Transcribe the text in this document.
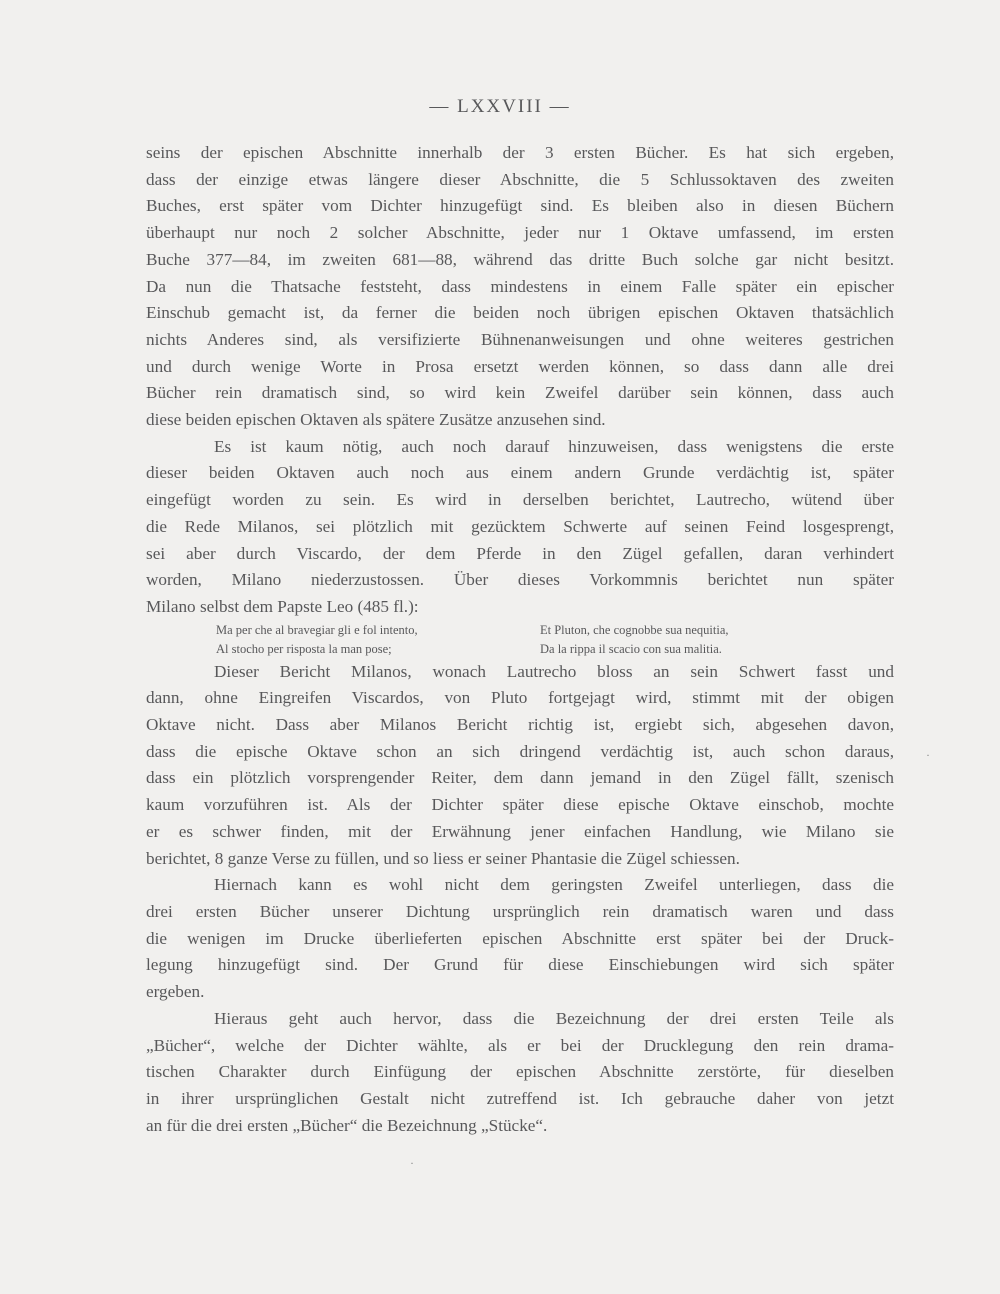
— LXXVIII —
seins der epischen Abschnitte innerhalb der 3 ersten Bücher. Es hat sich ergeben,
dass der einzige etwas längere dieser Abschnitte, die 5 Schlussoktaven des zweiten
Buches, erst später vom Dichter hinzugefügt sind. Es bleiben also in diesen Büchern
überhaupt nur noch 2 solcher Abschnitte, jeder nur 1 Oktave umfassend, im ersten
Buche 377—84, im zweiten 681—88, während das dritte Buch solche gar nicht besitzt.
Da nun die Thatsache feststeht, dass mindestens in einem Falle später ein epischer
Einschub gemacht ist, da ferner die beiden noch übrigen epischen Oktaven thatsächlich
nichts Anderes sind, als versifizierte Bühnenanweisungen und ohne weiteres gestrichen
und durch wenige Worte in Prosa ersetzt werden können, so dass dann alle drei
Bücher rein dramatisch sind, so wird kein Zweifel darüber sein können, dass auch
diese beiden epischen Oktaven als spätere Zusätze anzusehen sind.
Es ist kaum nötig, auch noch darauf hinzuweisen, dass wenigstens die erste
dieser beiden Oktaven auch noch aus einem andern Grunde verdächtig ist, später
eingefügt worden zu sein. Es wird in derselben berichtet, Lautrecho, wütend über
die Rede Milanos, sei plötzlich mit gezücktem Schwerte auf seinen Feind losgesprengt,
sei aber durch Viscardo, der dem Pferde in den Zügel gefallen, daran verhindert
worden, Milano niederzustossen. Über dieses Vorkommnis berichtet nun später
Milano selbst dem Papste Leo (485 fl.):
Ma per che al bravegiar gli e fol intento,
Al stocho per risposta la man pose;
Et Pluton, che cognobbe sua nequitia,
Da la rippa il scacio con sua malitia.
Dieser Bericht Milanos, wonach Lautrecho bloss an sein Schwert fasst und
dann, ohne Eingreifen Viscardos, von Pluto fortgejagt wird, stimmt mit der obigen
Oktave nicht. Dass aber Milanos Bericht richtig ist, ergiebt sich, abgesehen davon,
dass die epische Oktave schon an sich dringend verdächtig ist, auch schon daraus,
dass ein plötzlich vorsprengender Reiter, dem dann jemand in den Zügel fällt, szenisch
kaum vorzuführen ist. Als der Dichter später diese epische Oktave einschob, mochte
er es schwer finden, mit der Erwähnung jener einfachen Handlung, wie Milano sie
berichtet, 8 ganze Verse zu füllen, und so liess er seiner Phantasie die Zügel schiessen.
Hiernach kann es wohl nicht dem geringsten Zweifel unterliegen, dass die
drei ersten Bücher unserer Dichtung ursprünglich rein dramatisch waren und dass
die wenigen im Drucke überlieferten epischen Abschnitte erst später bei der Druck-
legung hinzugefügt sind. Der Grund für diese Einschiebungen wird sich später
ergeben.
Hieraus geht auch hervor, dass die Bezeichnung der drei ersten Teile als
„Bücher“, welche der Dichter wählte, als er bei der Drucklegung den rein drama-
tischen Charakter durch Einfügung der epischen Abschnitte zerstörte, für dieselben
in ihrer ursprünglichen Gestalt nicht zutreffend ist. Ich gebrauche daher von jetzt
an für die drei ersten „Bücher“ die Bezeichnung „Stücke“.
·
·
